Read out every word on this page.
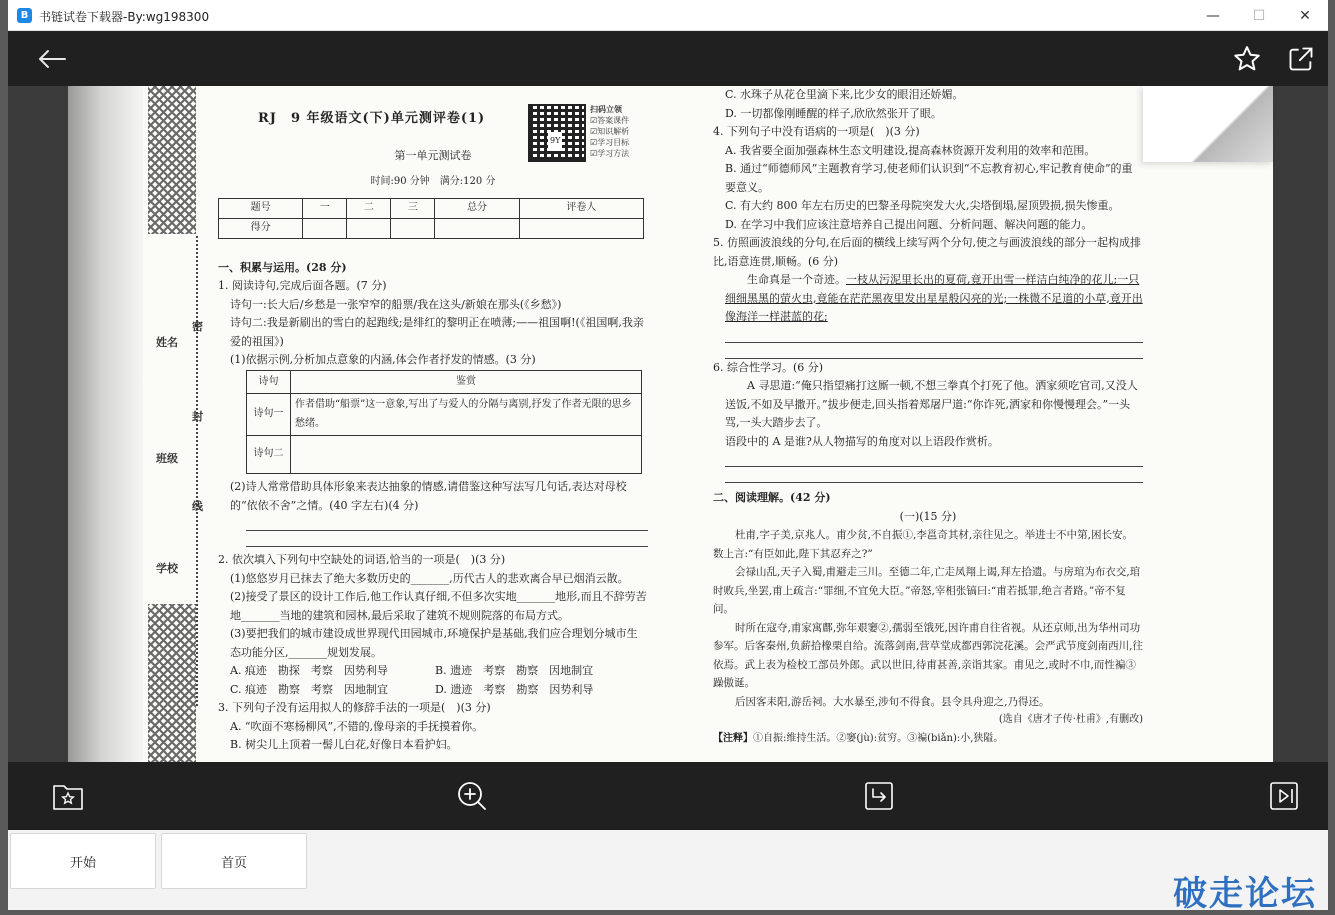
B 书链试卷下载器-By:wg198300	—	☐	✕
姓名
密
班级
封
线
学校
RJ　9 年级语文(下)单元测评卷(1)
扫码立领
☑答案课件
☑知识解析
☑学习目标
☑学习方法
9Y
第一单元测试卷
时间:90 分钟　满分:120 分
题号	一	二	三	总分	评卷人
得分					
一、积累与运用。(28 分)
1. 阅读诗句,完成后面各题。(7 分)
诗句一:长大后/乡愁是一张窄窄的船票/我在这头/新娘在那头(《乡愁》)
诗句二:我是新刷出的雪白的起跑线;是绯红的黎明正在喷薄;——祖国啊!(《祖国啊,我亲爱的祖国》)
(1)依据示例,分析加点意象的内涵,体会作者抒发的情感。(3 分)
诗句	鉴赏
诗句一	作者借助“船票”这一意象,写出了与爱人的分隔与离别,抒发了作者无限的思乡愁绪。
诗句二	
(2)诗人常常借助具体形象来表达抽象的情感,请借鉴这种写法写几句话,表达对母校的“依依不舍”之情。(40 字左右)(4 分)
2. 依次填入下列句中空缺处的词语,恰当的一项是(　)(3 分)
(1)悠悠岁月已抹去了绝大多数历史的_______,历代古人的悲欢离合早已烟消云散。
(2)接受了景区的设计工作后,他工作认真仔细,不但多次实地_______地形,而且不辞劳苦地_______当地的建筑和园林,最后采取了建筑不规则院落的布局方式。
(3)要把我们的城市建设成世界现代田园城市,环境保护是基础,我们应合理划分城市生态功能分区,_______规划发展。
A. 痕迹　勘探　考察　因势利导	B. 遗迹　考察　勘察　因地制宜
C. 痕迹　勘察　考察　因地制宜	D. 遗迹　考察　勘察　因势利导
3. 下列句子没有运用拟人的修辞手法的一项是(　)(3 分)
A. “吹面不寒杨柳风”,不错的,像母亲的手抚摸着你。
B. 树尖儿上顶着一髻儿白花,好像日本看护妇。
C. 水珠子从花仓里滴下来,比少女的眼泪还娇媚。
D. 一切都像刚睡醒的样子,欣欣然张开了眼。
4. 下列句子中没有语病的一项是(　)(3 分)
A. 我省要全面加强森林生态文明建设,提高森林资源开发利用的效率和范围。
B. 通过“师德师风”主题教育学习,使老师们认识到“不忘教育初心,牢记教育使命”的重要意义。
C. 有大约 800 年左右历史的巴黎圣母院突发大火,尖塔倒塌,屋顶毁损,损失惨重。
D. 在学习中我们应该注意培养自己提出问题、分析问题、解决问题的能力。
5. 仿照画波浪线的分句,在后面的横线上续写两个分句,使之与画波浪线的部分一起构成排比,语意连贯,顺畅。(6 分)
生命真是一个奇迹。一枝从污泥里长出的夏荷,竟开出雪一样洁白纯净的花儿;一只细细黑黑的萤火虫,竟能在茫茫黑夜里发出星星般闪亮的光;一株微不足道的小草,竟开出像海洋一样湛蓝的花;
6. 综合性学习。(6 分)
A 寻思道:“俺只指望痛打这厮一顿,不想三拳真个打死了他。洒家须吃官司,又没人送饭,不如及早撒开。”拔步便走,回头指着郑屠尸道:“你诈死,洒家和你慢慢理会。”一头骂,一头大踏步去了。
语段中的 A 是谁?从人物描写的角度对以上语段作赏析。
二、阅读理解。(42 分)
(一)(15 分)
杜甫,字子美,京兆人。甫少贫,不自振①,李邕奇其材,亲往见之。举进士不中第,困长安。数上言:“有臣如此,陛下其忍弃之?”
会禄山乱,天子入蜀,甫避走三川。至德二年,亡走凤翔上谒,拜左拾遗。与房琯为布衣交,琯时败兵,坐罢,甫上疏言:“罪细,不宜免大臣。”帝怒,宰相张镐曰:“甫若抵罪,绝言者路。”帝不复问。
时所在寇夺,甫家寓鄜,弥年艰窭②,孺弱至饿死,因许甫自往省视。从还京师,出为华州司功参军。后客秦州,负薪拾橡栗自给。流落剑南,营草堂成都西郭浣花溪。会严武节度剑南西川,往依焉。武上表为检校工部员外郎。武以世旧,待甫甚善,亲诣其家。甫见之,或时不巾,而性褊③躁傲诞。
后因客耒阳,游岳祠。大水暴至,涉旬不得食。县令具舟迎之,乃得还。
(选自《唐才子传·杜甫》,有删改)
【注释】①自振:维持生活。②窭(jù):贫穷。③褊(biǎn):小,狭隘。
开始	首页
破走论坛
